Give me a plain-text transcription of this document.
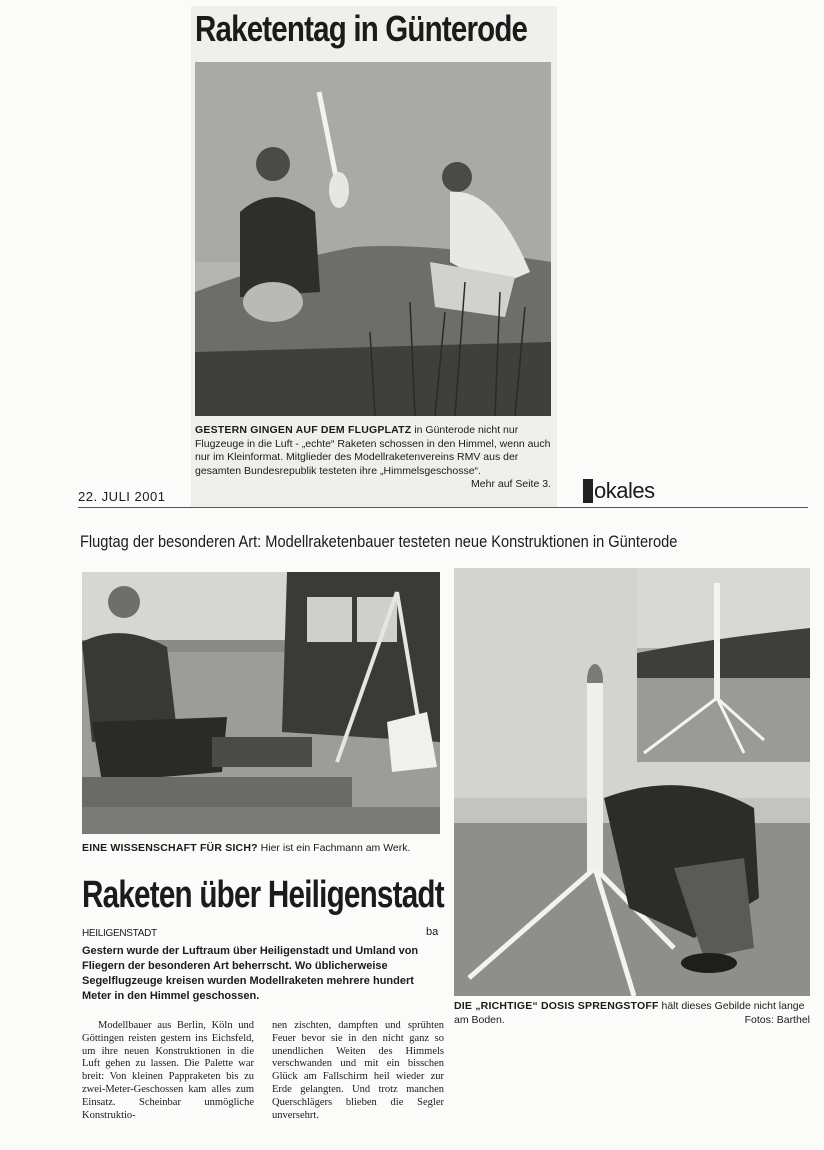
Raketentag in Günterode
GESTERN GINGEN AUF DEM FLUGPLATZ in Günterode nicht nur Flugzeuge in die Luft - „echte“ Raketen schossen in den Himmel, wenn auch nur im Kleinformat. Mitglieder des Modellraketenvereins RMV aus der gesamten Bundesrepublik testeten ihre „Himmelsgeschosse“.
Mehr auf Seite 3.
22. JULI 2001
l okales
Flugtag der besonderen Art: Modellraketenbauer testeten neue Konstruktionen in Günterode
EINE WISSENSCHAFT FÜR SICH? Hier ist ein Fachmann am Werk.
Raketen über Heiligenstadt
HEILIGENSTADT	ba
Gestern wurde der Luftraum über Heiligenstadt und Umland von Fliegern der besonderen Art beherrscht. Wo üblicherweise Segelflugzeuge kreisen wurden Modellraketen mehrere hundert Meter in den Himmel geschossen.
Modellbauer aus Berlin, Köln und Göttingen reisten gestern ins Eichsfeld, um ihre neuen Konstruktionen in die Luft gehen zu lassen. Die Palette war breit: Von kleinen Pappraketen bis zu zwei-Meter-Geschossen kam alles zum Einsatz. Scheinbar unmögliche Konstruktio-
nen zischten, dampften und sprühten Feuer bevor sie in den nicht ganz so unendlichen Weiten des Himmels verschwanden und mit ein bisschen Glück am Fallschirm heil wieder zur Erde gelangten. Und trotz manchen Querschlägers blieben die Segler unversehrt.
DIE „RICHTIGE“ DOSIS SPRENGSTOFF hält dieses Gebilde nicht lange am Boden.	Fotos: Barthel
